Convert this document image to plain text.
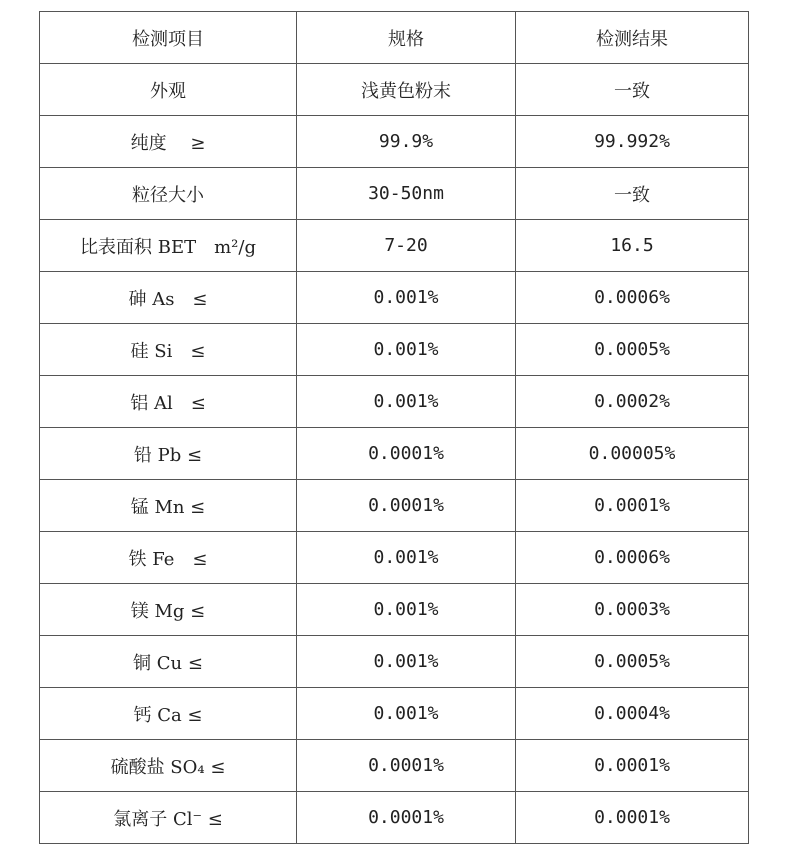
检测项目	规格	检测结果
外观	浅黄色粉末	一致
纯度　 ≥	99.9%	99.992%
粒径大小	30-50nm	一致
比表面积 BET　m²/g	7-20	16.5
砷 As　≤	0.001%	0.0006%
硅 Si　≤	0.001%	0.0005%
铝 Al　≤	0.001%	0.0002%
铅 Pb ≤	0.0001%	0.00005%
锰 Mn ≤	0.0001%	0.0001%
铁 Fe　≤	0.001%	0.0006%
镁 Mg ≤	0.001%	0.0003%
铜 Cu ≤	0.001%	0.0005%
钙 Ca ≤	0.001%	0.0004%
硫酸盐 SO₄ ≤	0.0001%	0.0001%
氯离子 Cl⁻ ≤	0.0001%	0.0001%
